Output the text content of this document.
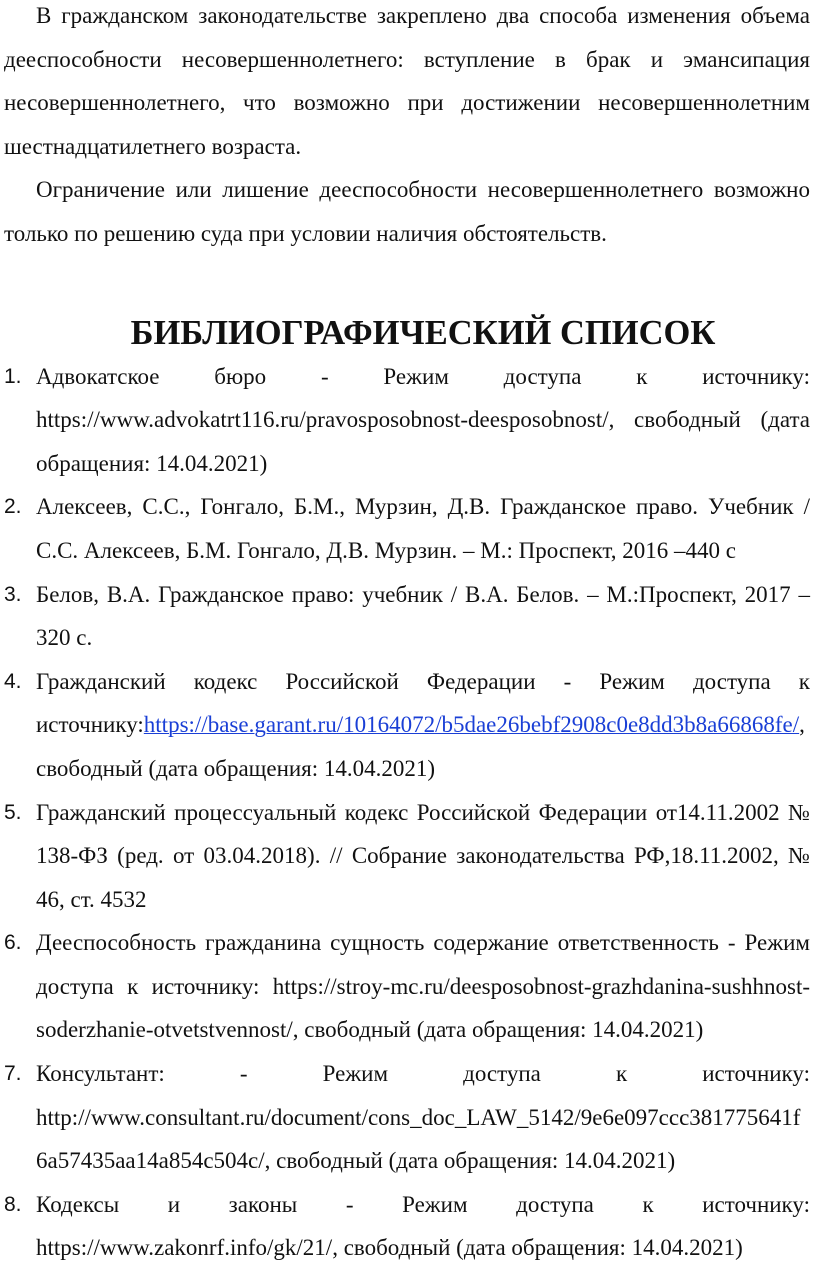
В гражданском законодательстве закреплено два способа изменения объема дееспособности несовершеннолетнего: вступление в брак и эмансипация несовершеннолетнего, что возможно при достижении несовершеннолетним шестнадцатилетнего возраста.

Ограничение или лишение дееспособности несовершеннолетнего возможно только по решению суда при условии наличия обстоятельств.

БИБЛИОГРАФИЧЕСКИЙ СПИСОК
1. Адвокатское бюро - Режим доступа к источнику: https://www.advokatrt116.ru/pravosposobnost-deesposobnost/, свободный (дата обращения: 14.04.2021)
2. Алексеев, С.С., Гонгало, Б.М., Мурзин, Д.В. Гражданское право. Учебник / С.С. Алексеев, Б.М. Гонгало, Д.В. Мурзин. – М.: Проспект, 2016 –440 с
3. Белов, В.А. Гражданское право: учебник / В.А. Белов. – М.:Проспект, 2017 – 320 с.
4. Гражданский кодекс Российской Федерации - Режим доступа к источнику:https://base.garant.ru/10164072/b5dae26bebf2908c0e8dd3b8a66868fe/, свободный (дата обращения: 14.04.2021)
5. Гражданский процессуальный кодекс Российской Федерации от14.11.2002 № 138-ФЗ (ред. от 03.04.2018). // Собрание законодательства РФ,18.11.2002, № 46, ст. 4532
6. Дееспособность гражданина сущность содержание ответственность - Режим доступа к источнику: https://stroy-mc.ru/deesposobnost-grazhdanina-sushhnost-soderzhanie-otvetstvennost/, свободный (дата обращения: 14.04.2021)
7. Консультант: - Режим доступа к источнику: http://www.consultant.ru/document/cons_doc_LAW_5142/9e6e097ccc381775641f6a57435aa14a854c504c/, свободный (дата обращения: 14.04.2021)
8. Кодексы и законы - Режим доступа к источнику: https://www.zakonrf.info/gk/21/, свободный (дата обращения: 14.04.2021)
